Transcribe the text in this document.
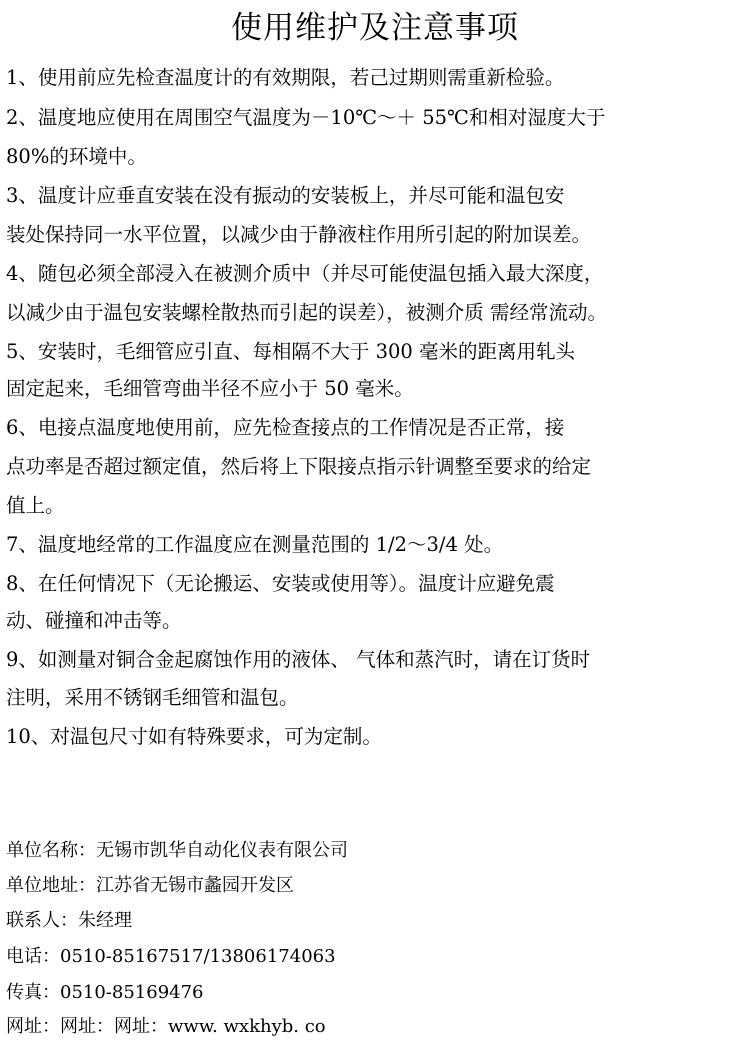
使用维护及注意事项
1、使用前应先检查温度计的有效期限，若己过期则需重新检验。
2、温度地应使用在周围空气温度为－10℃～＋ 55℃和相对湿度大于
80%的环境中。
3、温度计应垂直安装在没有振动的安装板上，并尽可能和温包安
装处保持同一水平位置，以减少由于静液柱作用所引起的附加误差。
4、随包必须全部浸入在被测介质中（并尽可能使温包插入最大深度，
以减少由于温包安装螺栓散热而引起的误差），被测介质 需经常流动。
5、安装时，毛细管应引直、每相隔不大于 300 毫米的距离用轧头
固定起来，毛细管弯曲半径不应小于 50 毫米。
6、电接点温度地使用前，应先检查接点的工作情况是否正常，接
点功率是否超过额定值，然后将上下限接点指示针调整至要求的给定
值上。
7、温度地经常的工作温度应在测量范围的 1/2～3/4 处。
8、在任何情况下（无论搬运、安装或使用等）。温度计应避免震
动、碰撞和冲击等。
9、如测量对铜合金起腐蚀作用的液体、 气体和蒸汽时，请在订货时
注明，采用不锈钢毛细管和温包。
10、对温包尺寸如有特殊要求，可为定制。
单位名称：无锡市凯华自动化仪表有限公司
单位地址：江苏省无锡市蠡园开发区
联系人：朱经理
电话：0510-85167517/13806174063
传真：0510-85169476
网址：网址：网址：www. wxkhyb. co
